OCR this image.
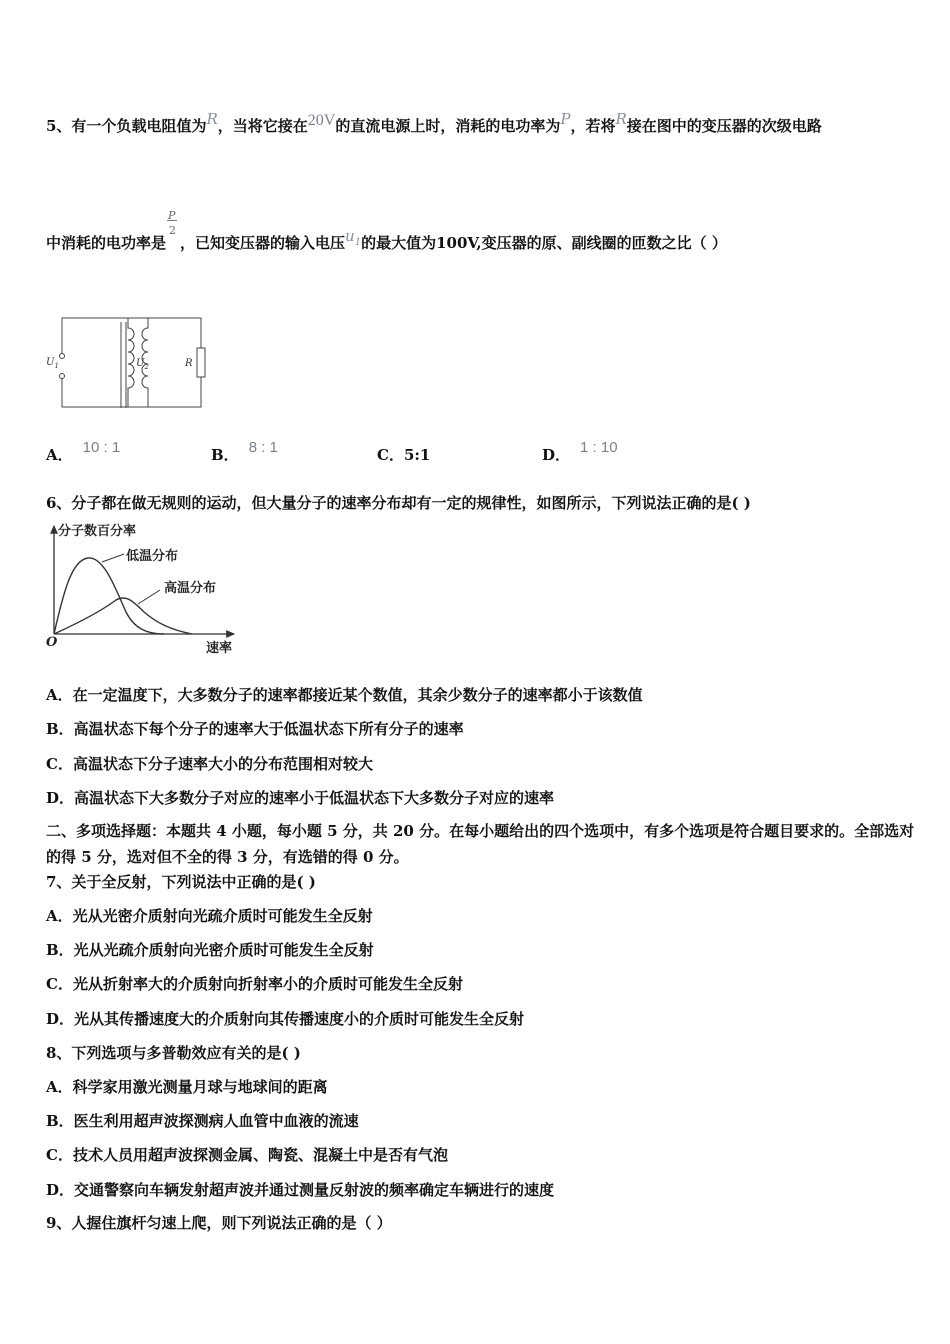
5、有一个负载电阻值为R，当将它接在20V的直流电源上时，消耗的电功率为P，若将R接在图中的变压器的次级电路
中消耗的电功率是 $\frac{P}{2}$ ，已知变压器的输入电压$u_1$的最大值为100V,变压器的原、副线圈的匝数之比（ ）
$U_1$	$U_2$	R
A． 10 : 1	B． 8 : 1	C．5:1	D． 1 : 10
6、分子都在做无规则的运动，但大量分子的速率分布却有一定的规律性，如图所示，下列说法正确的是( )
分子数百分率
低温分布
高温分布
O	速率
A．在一定温度下，大多数分子的速率都接近某个数值，其余少数分子的速率都小于该数值
B．高温状态下每个分子的速率大于低温状态下所有分子的速率
C．高温状态下分子速率大小的分布范围相对较大
D．高温状态下大多数分子对应的速率小于低温状态下大多数分子对应的速率
二、多项选择题：本题共 4 小题，每小题 5 分，共 20 分。在每小题给出的四个选项中，有多个选项是符合题目要求的。全部选对的得 5 分，选对但不全的得 3 分，有选错的得 0 分。
7、关于全反射，下列说法中正确的是( )
A．光从光密介质射向光疏介质时可能发生全反射
B．光从光疏介质射向光密介质时可能发生全反射
C．光从折射率大的介质射向折射率小的介质时可能发生全反射
D．光从其传播速度大的介质射向其传播速度小的介质时可能发生全反射
8、下列选项与多普勒效应有关的是( )
A．科学家用激光测量月球与地球间的距离
B．医生利用超声波探测病人血管中血液的流速
C．技术人员用超声波探测金属、陶瓷、混凝土中是否有气泡
D．交通警察向车辆发射超声波并通过测量反射波的频率确定车辆进行的速度
9、人握住旗杆匀速上爬，则下列说法正确的是（ ）
